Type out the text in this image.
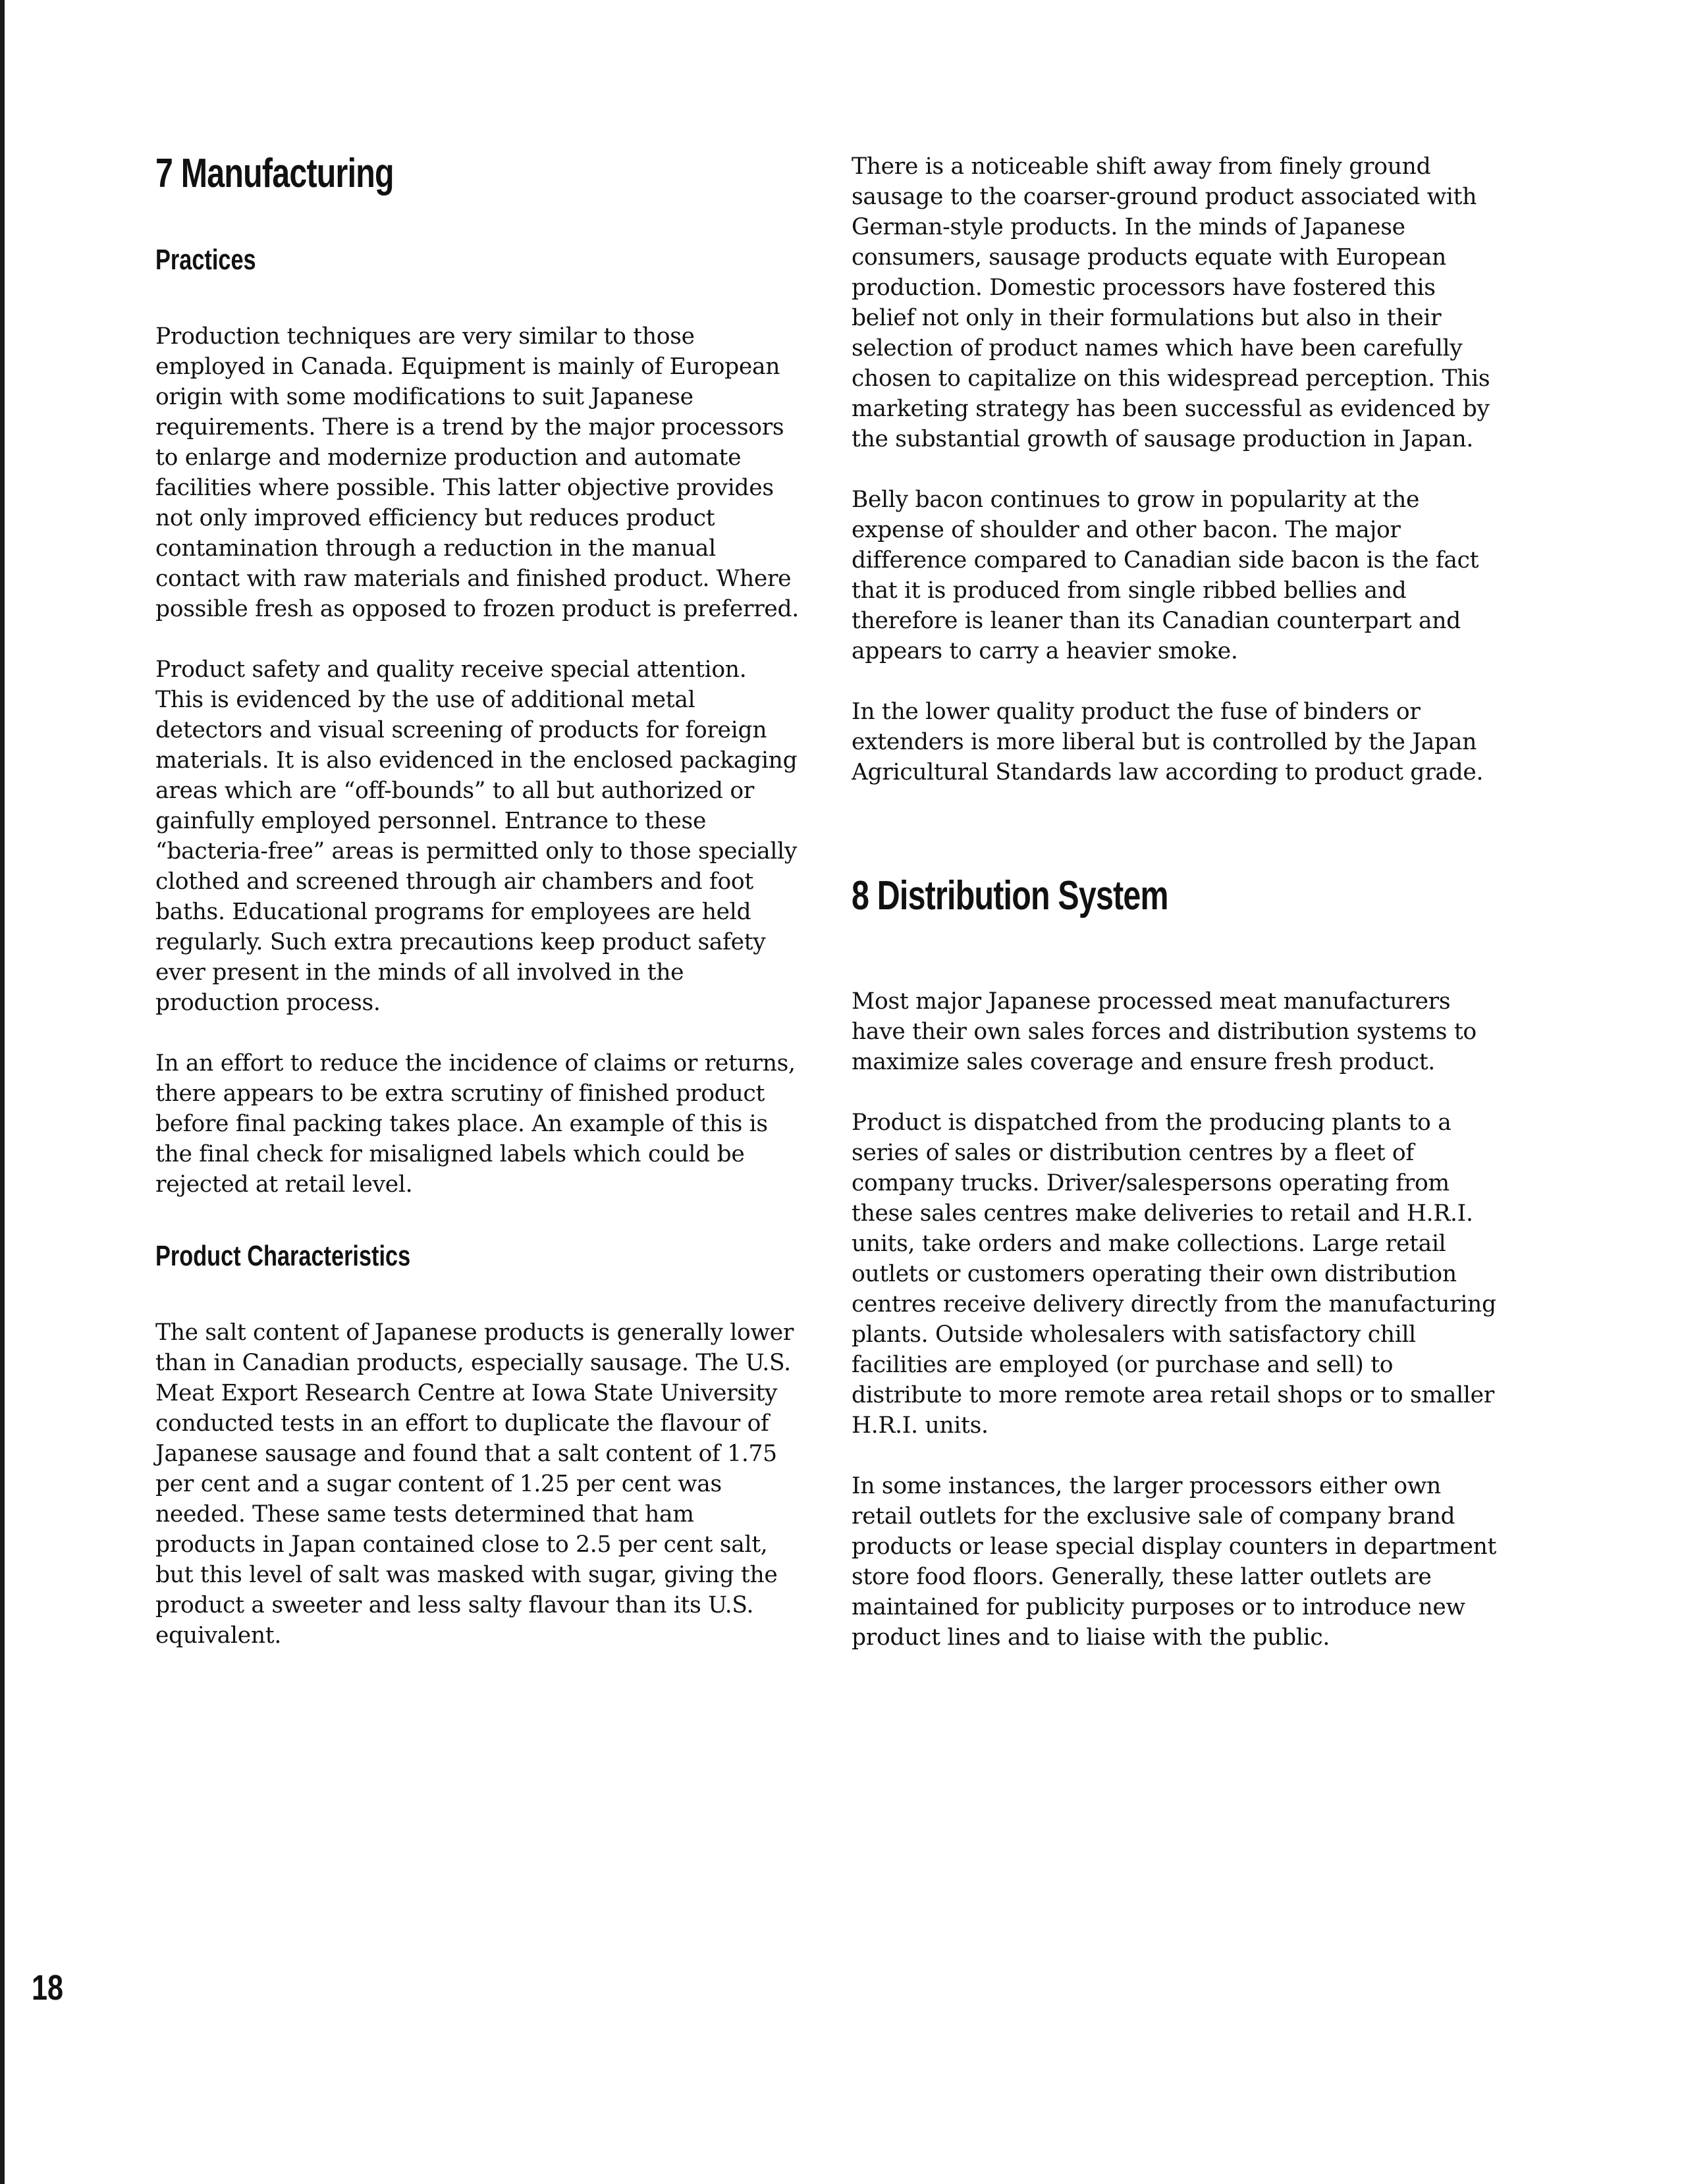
7 Manufacturing
Practices

Production techniques are very similar to those employed in Canada. Equipment is mainly of European origin with some modifications to suit Japanese requirements. There is a trend by the major processors to enlarge and modernize production and automate facilities where possible. This latter objective provides not only improved efficiency but reduces product contamination through a reduction in the manual contact with raw materials and finished product. Where possible fresh as opposed to frozen product is preferred.

Product safety and quality receive special attention. This is evidenced by the use of additional metal detectors and visual screening of products for foreign materials. It is also evidenced in the enclosed packaging areas which are “off-bounds” to all but authorized or gainfully employed personnel. Entrance to these “bacteria-free” areas is permitted only to those specially clothed and screened through air chambers and foot baths. Educational programs for employees are held regularly. Such extra precautions keep product safety ever present in the minds of all involved in the production process.

In an effort to reduce the incidence of claims or returns, there appears to be extra scrutiny of finished product before final packing takes place. An example of this is the final check for misaligned labels which could be rejected at retail level.

Product Characteristics

The salt content of Japanese products is generally lower than in Canadian products, especially sausage. The U.S. Meat Export Research Centre at Iowa State University conducted tests in an effort to duplicate the flavour of Japanese sausage and found that a salt content of 1.75 per cent and a sugar content of 1.25 per cent was needed. These same tests determined that ham products in Japan contained close to 2.5 per cent salt, but this level of salt was masked with sugar, giving the product a sweeter and less salty flavour than its U.S. equivalent.

There is a noticeable shift away from finely ground sausage to the coarser-ground product associated with German-style products. In the minds of Japanese consumers, sausage products equate with European production. Domestic processors have fostered this belief not only in their formulations but also in their selection of product names which have been carefully chosen to capitalize on this widespread perception. This marketing strategy has been successful as evidenced by the substantial growth of sausage production in Japan.

Belly bacon continues to grow in popularity at the expense of shoulder and other bacon. The major difference compared to Canadian side bacon is the fact that it is produced from single ribbed bellies and therefore is leaner than its Canadian counterpart and appears to carry a heavier smoke.

In the lower quality product the fuse of binders or extenders is more liberal but is controlled by the Japan Agricultural Standards law according to product grade.

8 Distribution System

Most major Japanese processed meat manufacturers have their own sales forces and distribution systems to maximize sales coverage and ensure fresh product.

Product is dispatched from the producing plants to a series of sales or distribution centres by a fleet of company trucks. Driver/salespersons operating from these sales centres make deliveries to retail and H.R.I. units, take orders and make collections. Large retail outlets or customers operating their own distribution centres receive delivery directly from the manufacturing plants. Outside wholesalers with satisfactory chill facilities are employed (or purchase and sell) to distribute to more remote area retail shops or to smaller H.R.I. units.

In some instances, the larger processors either own retail outlets for the exclusive sale of company brand products or lease special display counters in department store food floors. Generally, these latter outlets are maintained for publicity purposes or to introduce new product lines and to liaise with the public.

18
